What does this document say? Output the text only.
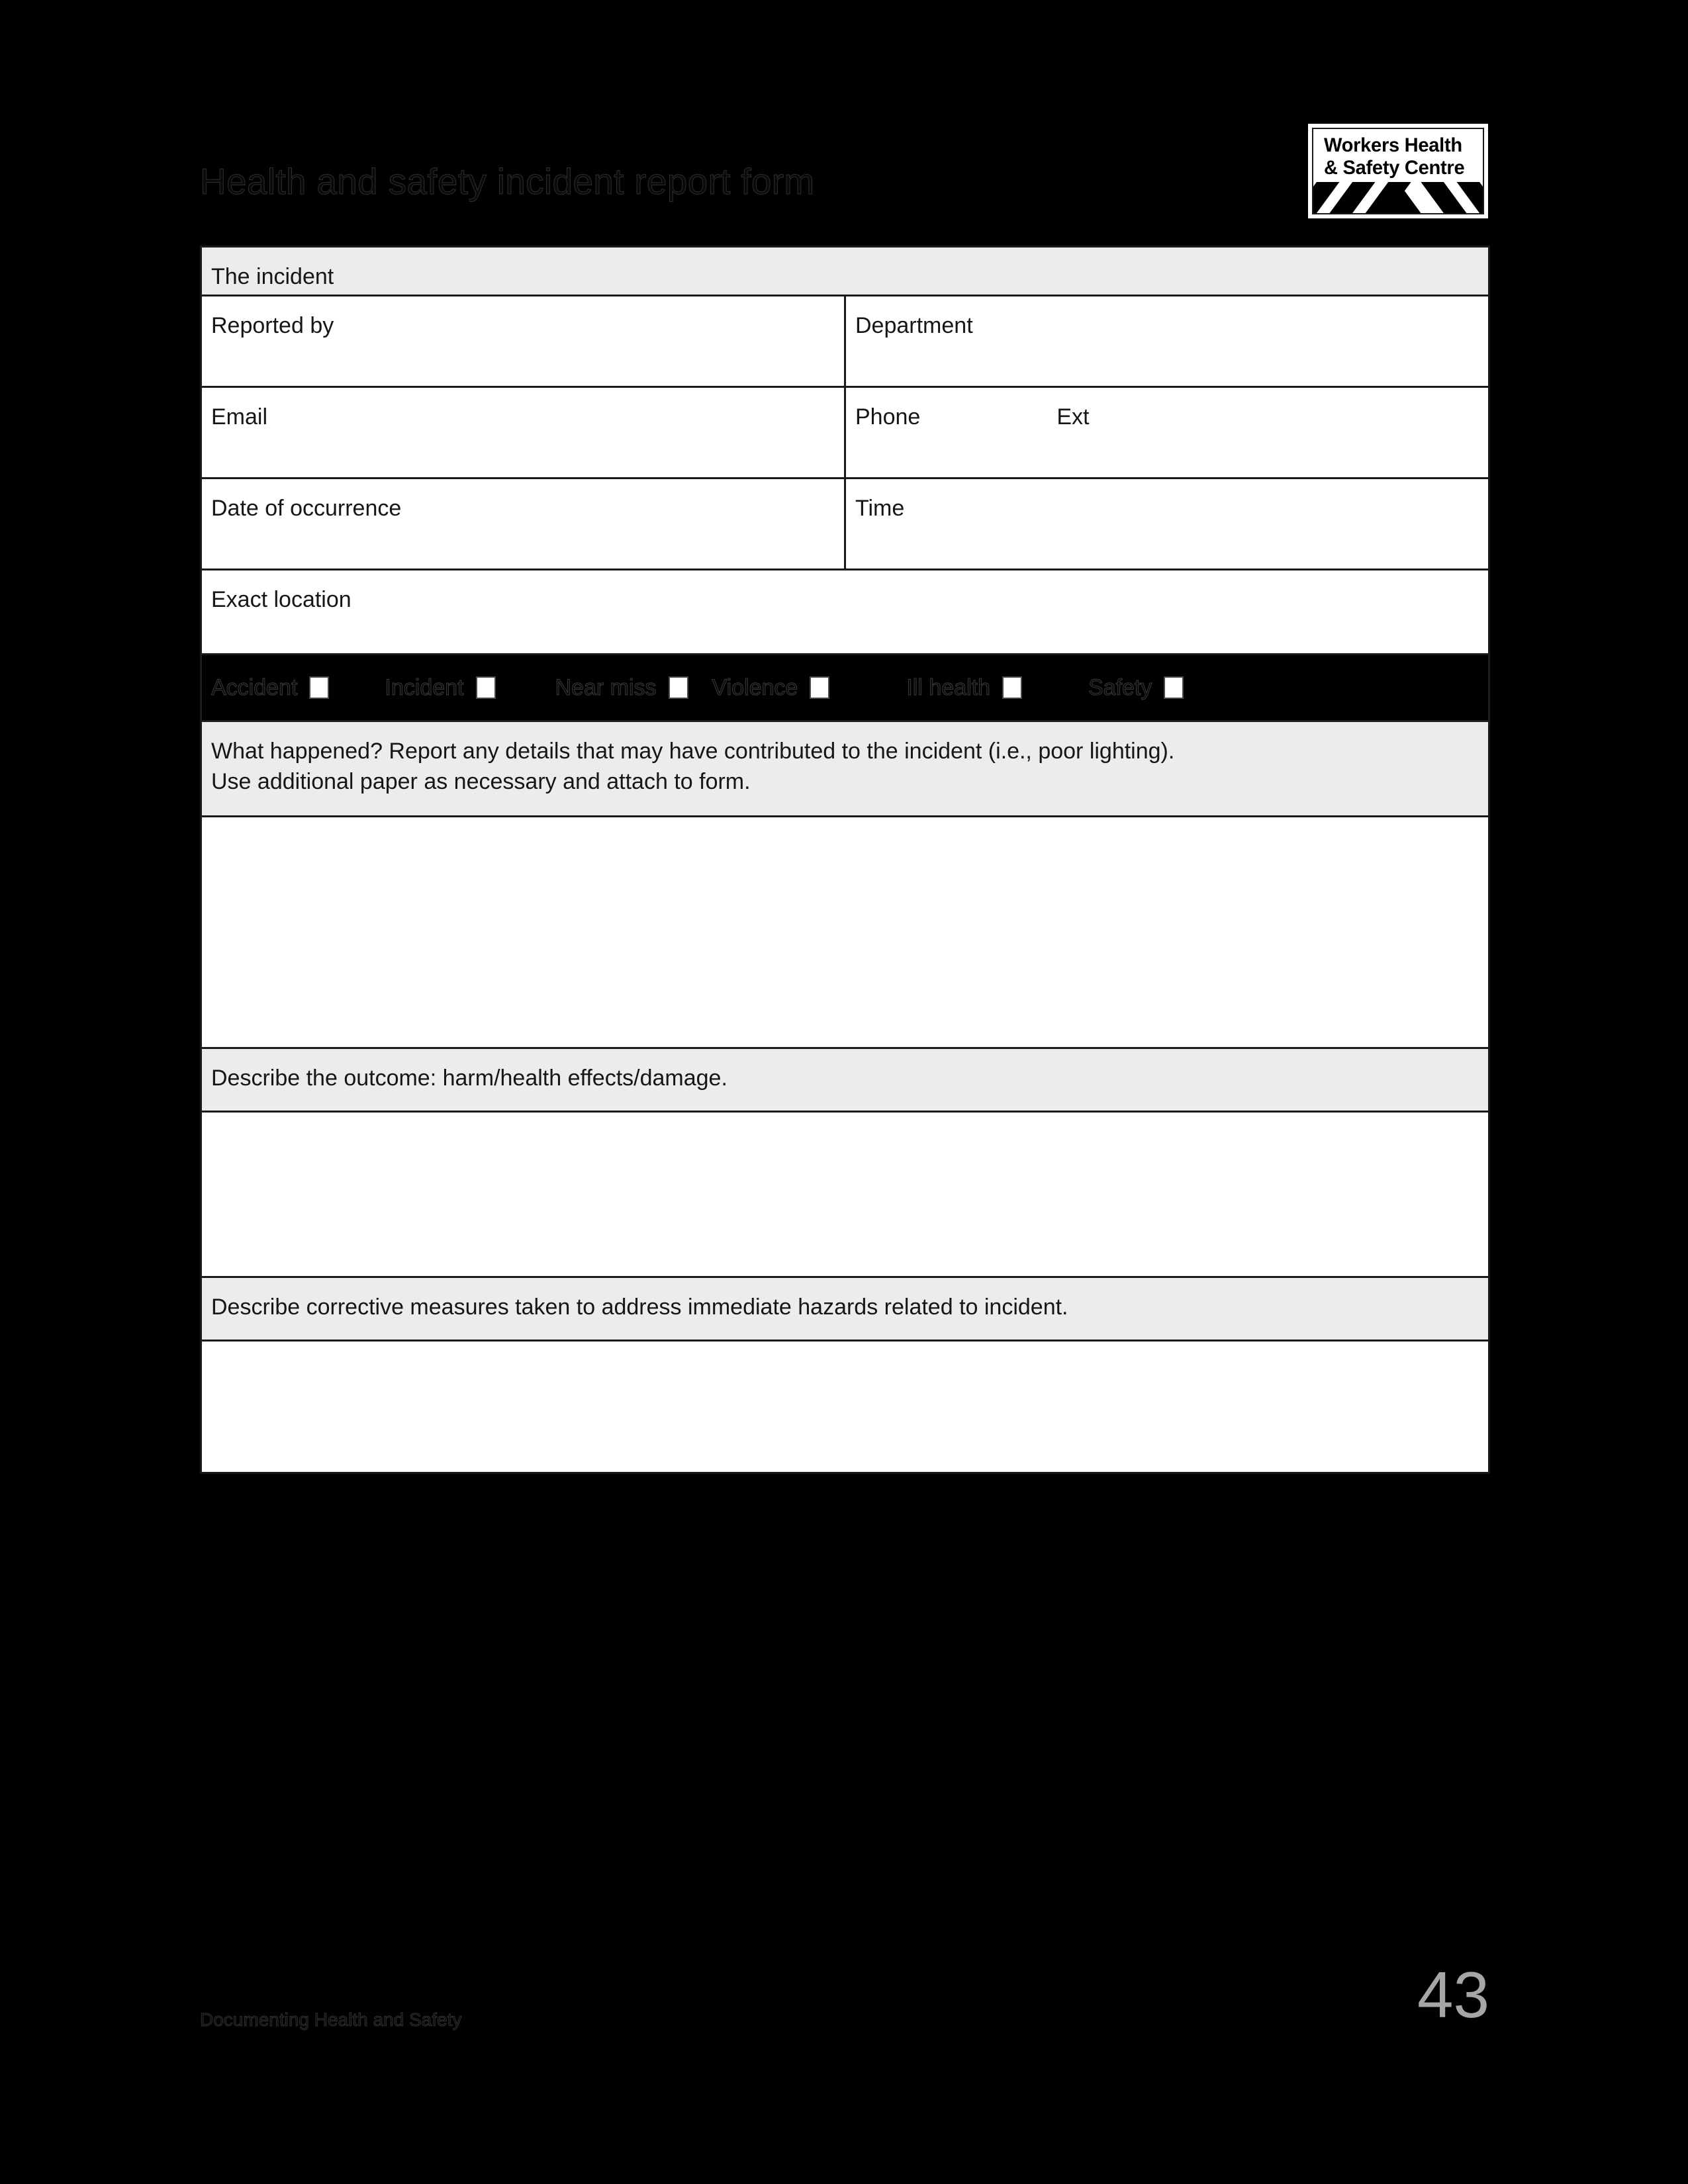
Health and safety incident report form
Workers Health
& Safety Centre
The incident	

Reported by	Department

Email	Phone Ext

Date of occurrence	Time

Exact location	

Accident	Incident	Near miss Violence	Ill health	Safety

What happened? Report any details that may have contributed to the incident (i.e., poor lighting).
Use additional paper as necessary and attach to form.	

Describe the outcome: harm/health effects/damage.	

Describe corrective measures taken to address immediate hazards related to incident.	

Documenting Health and Safety	43
